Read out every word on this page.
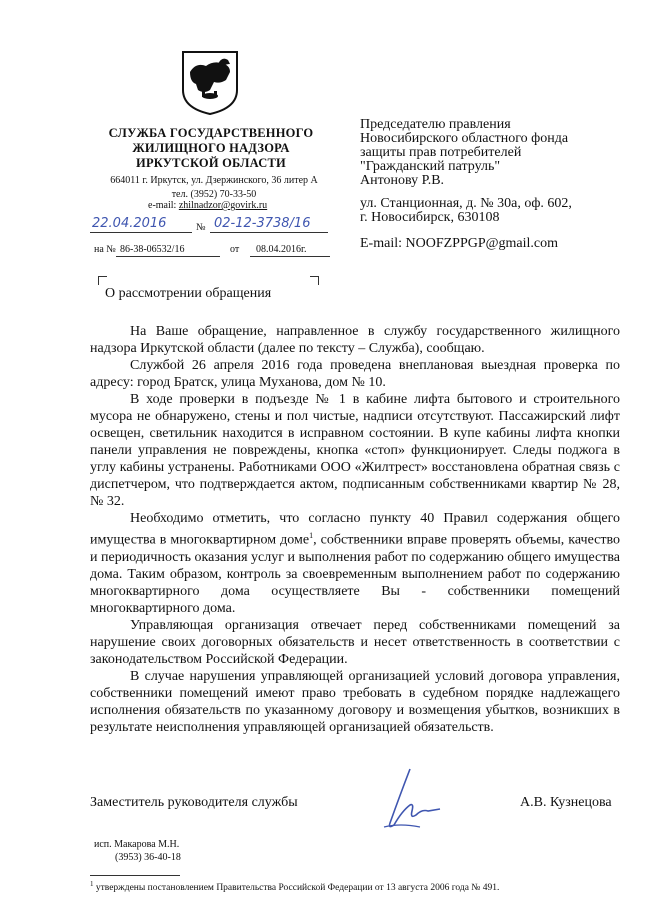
СЛУЖБА ГОСУДАРСТВЕННОГО
ЖИЛИЩНОГО НАДЗОРА
ИРКУТСКОЙ ОБЛАСТИ
664011 г. Иркутск, ул. Дзержинского, 36 литер А
тел. (3952) 70-33-50
e-mail: zhilnadzor@govirk.ru
22.04.2016	№ 02-12-3738/16
на № 86-38-06532/16	от 08.04.2016г.
Председателю правления
Новосибирского областного фонда
защиты прав потребителей
"Гражданский патруль"
Антонову Р.В.
ул. Станционная, д. № 30а, оф. 602,
г. Новосибирск, 630108
E-mail: NOOFZPPGP@gmail.com
О рассмотрении обращения

На Ваше обращение, направленное в службу государственного жилищного надзора Иркутской области (далее по тексту – Служба), сообщаю.

Службой 26 апреля 2016 года проведена внеплановая выездная проверка по адресу: город Братск, улица Муханова, дом № 10.

В ходе проверки в подъезде № 1 в кабине лифта бытового и строительного мусора не обнаружено, стены и пол чистые, надписи отсутствуют. Пассажирский лифт освещен, светильник находится в исправном состоянии. В купе кабины лифта кнопки панели управления не повреждены, кнопка «стоп» функционирует. Следы поджога в углу кабины устранены. Работниками ООО «Жилтрест» восстановлена обратная связь с диспетчером, что подтверждается актом, подписанным собственниками квартир № 28, № 32.

Необходимо отметить, что согласно пункту 40 Правил содержания общего имущества в многоквартирном доме$^1$, собственники вправе проверять объемы, качество и периодичность оказания услуг и выполнения работ по содержанию общего имущества дома. Таким образом, контроль за своевременным выполнением работ по содержанию многоквартирного дома осуществляете Вы - собственники помещений многоквартирного дома.

Управляющая организация отвечает перед собственниками помещений за нарушение своих договорных обязательств и несет ответственность в соответствии с законодательством Российской Федерации.

В случае нарушения управляющей организацией условий договора управления, собственники помещений имеют право требовать в судебном порядке надлежащего исполнения обязательств по указанному договору и возмещения убытков, возникших в результате неисполнения управляющей организацией обязательств.

Заместитель руководителя службы	А.В. Кузнецова
исп. Макарова М.Н.
(3953) 36-40-18
$^1$ утверждены постановлением Правительства Российской Федерации от 13 августа 2006 года № 491.
